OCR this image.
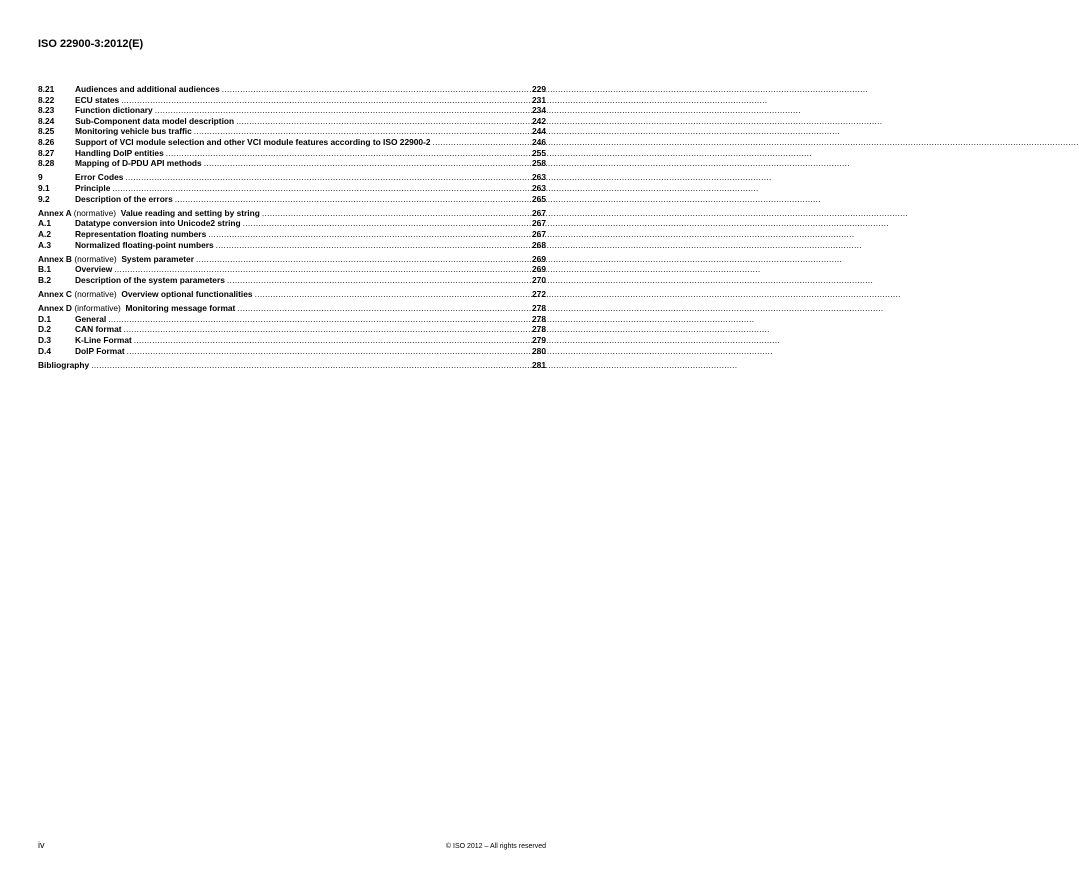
ISO 22900-3:2012(E)
8.21	Audiences and additional audiences .....	229
8.22	ECU states .....	231
8.23	Function dictionary .....	234
8.24	Sub-Component data model description .....	242
8.25	Monitoring vehicle bus traffic .....	244
8.26	Support of VCI module selection and other VCI module features according to ISO 22900-2 .....	246
8.27	Handling DoIP entities .....	255
8.28	Mapping of D-PDU API methods .....	258
9	Error Codes .....	263
9.1	Principle .....	263
9.2	Description of the errors .....	265
Annex A (normative) Value reading and setting by string .....	267
A.1	Datatype conversion into Unicode2 string .....	267
A.2	Representation floating numbers .....	267
A.3	Normalized floating-point numbers .....	268
Annex B (normative) System parameter .....	269
B.1	Overview .....	269
B.2	Description of the system parameters .....	270
Annex C (normative) Overview optional functionalities .....	272
Annex D (informative) Monitoring message format .....	278
D.1	General .....	278
D.2	CAN format .....	278
D.3	K-Line Format .....	279
D.4	DoIP Format .....	280
Bibliography .....	281
iv	© ISO 2012 – All rights reserved
